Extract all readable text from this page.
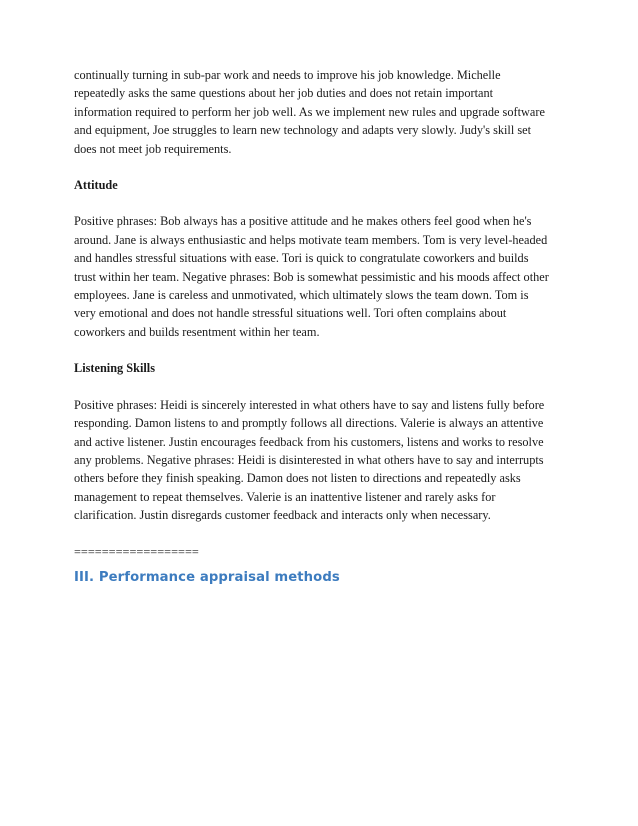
continually turning in sub-par work and needs to improve his job knowledge. Michelle
repeatedly asks the same questions about her job duties and does not retain important
information required to perform her job well. As we implement new rules and upgrade software
and equipment, Joe struggles to learn new technology and adapts very slowly. Judy's skill set
does not meet job requirements.
Attitude
Positive phrases: Bob always has a positive attitude and he makes others feel good when he's
around. Jane is always enthusiastic and helps motivate team members. Tom is very level-headed
and handles stressful situations with ease. Tori is quick to congratulate coworkers and builds
trust within her team. Negative phrases: Bob is somewhat pessimistic and his moods affect other
employees. Jane is careless and unmotivated, which ultimately slows the team down. Tom is
very emotional and does not handle stressful situations well. Tori often complains about
coworkers and builds resentment within her team.
Listening Skills
Positive phrases: Heidi is sincerely interested in what others have to say and listens fully before
responding. Damon listens to and promptly follows all directions. Valerie is always an attentive
and active listener. Justin encourages feedback from his customers, listens and works to resolve
any problems. Negative phrases: Heidi is disinterested in what others have to say and interrupts
others before they finish speaking. Damon does not listen to directions and repeatedly asks
management to repeat themselves. Valerie is an inattentive listener and rarely asks for
clarification. Justin disregards customer feedback and interacts only when necessary.
==================
III. Performance appraisal methods
